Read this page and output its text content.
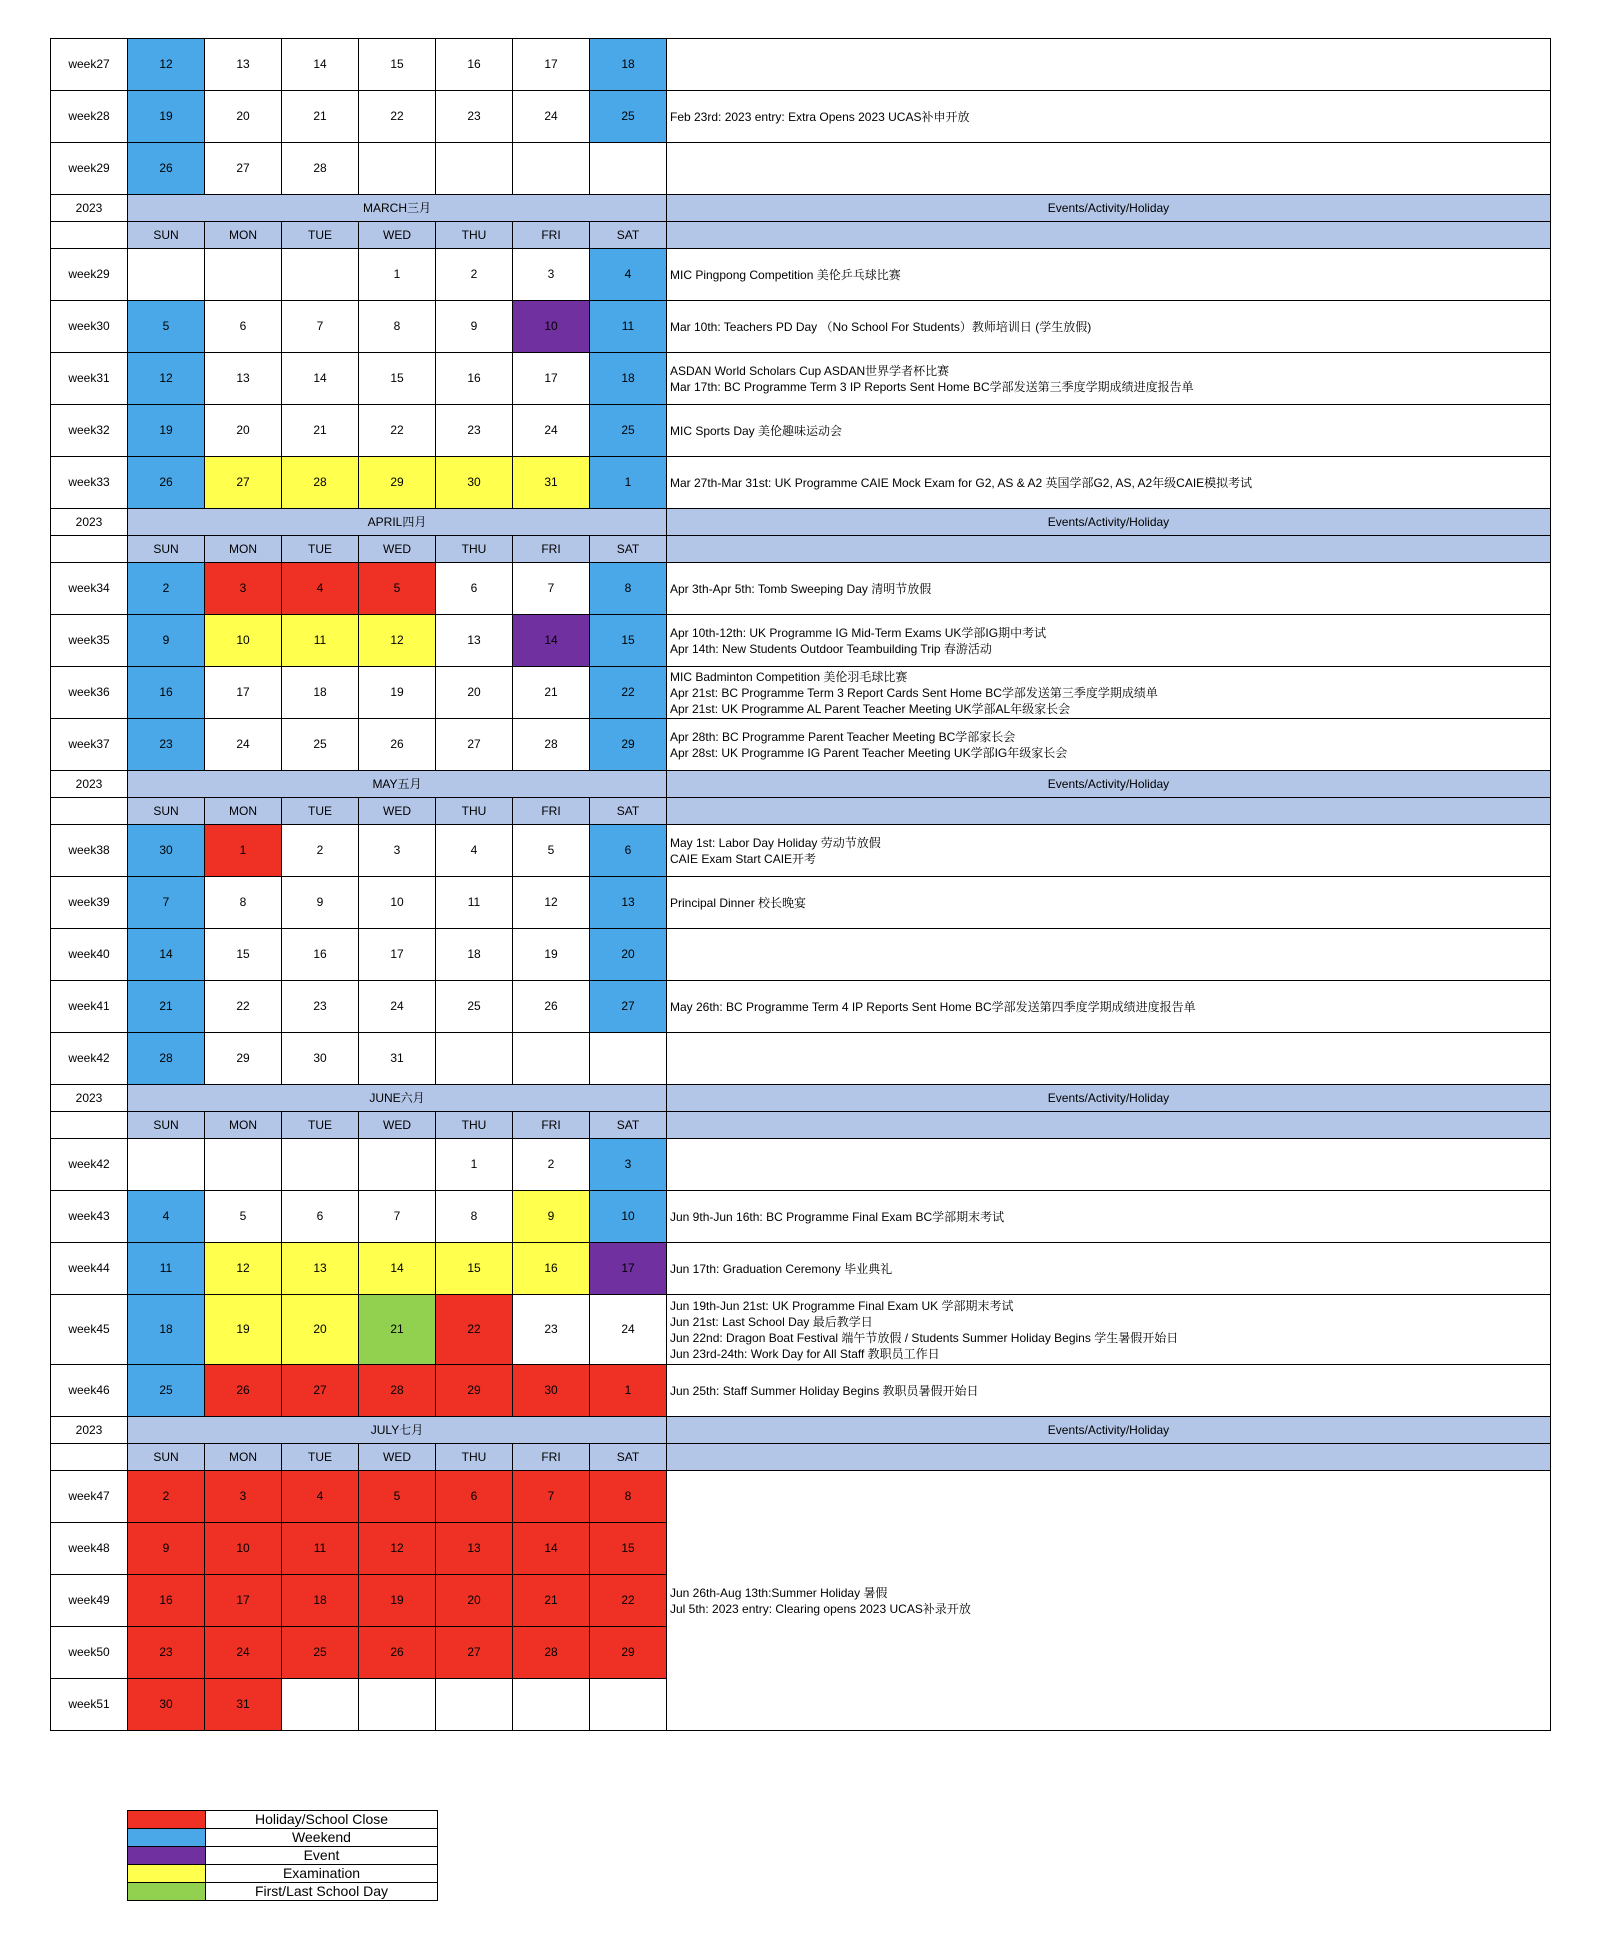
week27	12	13	14	15	16	17	18	
week28	19	20	21	22	23	24	25	Feb 23rd: 2023 entry: Extra Opens 2023 UCAS补申开放

week29	26	27	28					
2023	MARCH三月							Events/Activity/Holiday
	SUN	MON	TUE	WED	THU	FRI	SAT	
week29				1	2	3	4	MIC Pingpong Competition 美伦乒乓球比赛

week30	5	6	7	8	9	10	11	Mar 10th: Teachers PD Day （No School For Students）教师培训日 (学生放假)

week31	12	13	14	15	16	17	18	ASDAN World Scholars Cup ASDAN世界学者杯比赛
Mar 17th: BC Programme Term 3 IP Reports Sent Home BC学部发送第三季度学期成绩进度报告单

week32	19	20	21	22	23	24	25	MIC Sports Day 美伦趣味运动会

week33	26	27	28	29	30	31	1	Mar 27th-Mar 31st: UK Programme CAIE Mock Exam for G2, AS & A2 英国学部G2, AS, A2年级CAIE模拟考试

2023	APRIL四月							Events/Activity/Holiday
	SUN	MON	TUE	WED	THU	FRI	SAT	
week34	2	3	4	5	6	7	8	Apr 3th-Apr 5th: Tomb Sweeping Day 清明节放假

week35	9	10	11	12	13	14	15	Apr 10th-12th: UK Programme IG Mid-Term Exams UK学部IG期中考试
Apr 14th: New Students Outdoor Teambuilding Trip 春游活动

week36	16	17	18	19	20	21	22	MIC Badminton Competition 美伦羽毛球比赛
Apr 21st: BC Programme Term 3 Report Cards Sent Home BC学部发送第三季度学期成绩单
Apr 21st: UK Programme AL Parent Teacher Meeting UK学部AL年级家长会

week37	23	24	25	26	27	28	29	Apr 28th: BC Programme Parent Teacher Meeting BC学部家长会
Apr 28st: UK Programme IG Parent Teacher Meeting UK学部IG年级家长会

2023	MAY五月							Events/Activity/Holiday
	SUN	MON	TUE	WED	THU	FRI	SAT	
week38	30	1	2	3	4	5	6	May 1st: Labor Day Holiday 劳动节放假
CAIE Exam Start CAIE开考

week39	7	8	9	10	11	12	13	Principal Dinner 校长晚宴

week40	14	15	16	17	18	19	20	
week41	21	22	23	24	25	26	27	May 26th: BC Programme Term 4 IP Reports Sent Home BC学部发送第四季度学期成绩进度报告单

week42	28	29	30	31				
2023	JUNE六月							Events/Activity/Holiday
	SUN	MON	TUE	WED	THU	FRI	SAT	
week42					1	2	3	
week43	4	5	6	7	8	9	10	Jun 9th-Jun 16th: BC Programme Final Exam BC学部期末考试

week44	11	12	13	14	15	16	17	Jun 17th: Graduation Ceremony 毕业典礼

week45	18	19	20	21	22	23	24	Jun 19th-Jun 21st: UK Programme Final Exam UK 学部期末考试
Jun 21st: Last School Day 最后教学日
Jun 22nd: Dragon Boat Festival 端午节放假 / Students Summer Holiday Begins 学生暑假开始日
Jun 23rd-24th: Work Day for All Staff 教职员工作日

week46	25	26	27	28	29	30	1	Jun 25th: Staff Summer Holiday Begins 教职员暑假开始日

2023	JULY七月							Events/Activity/Holiday
	SUN	MON	TUE	WED	THU	FRI	SAT	
week47	2	3	4	5	6	7	8	Jun 26th-Aug 13th:Summer Holiday 暑假
Jul 5th: 2023 entry: Clearing opens 2023 UCAS补录开放

week48	9	10	11	12	13	14	15	
week49	16	17	18	19	20	21	22	
week50	23	24	25	26	27	28	29	
week51	30	31						
	Holiday/School Close
	Weekend
	Event
	Examination
	First/Last School Day
